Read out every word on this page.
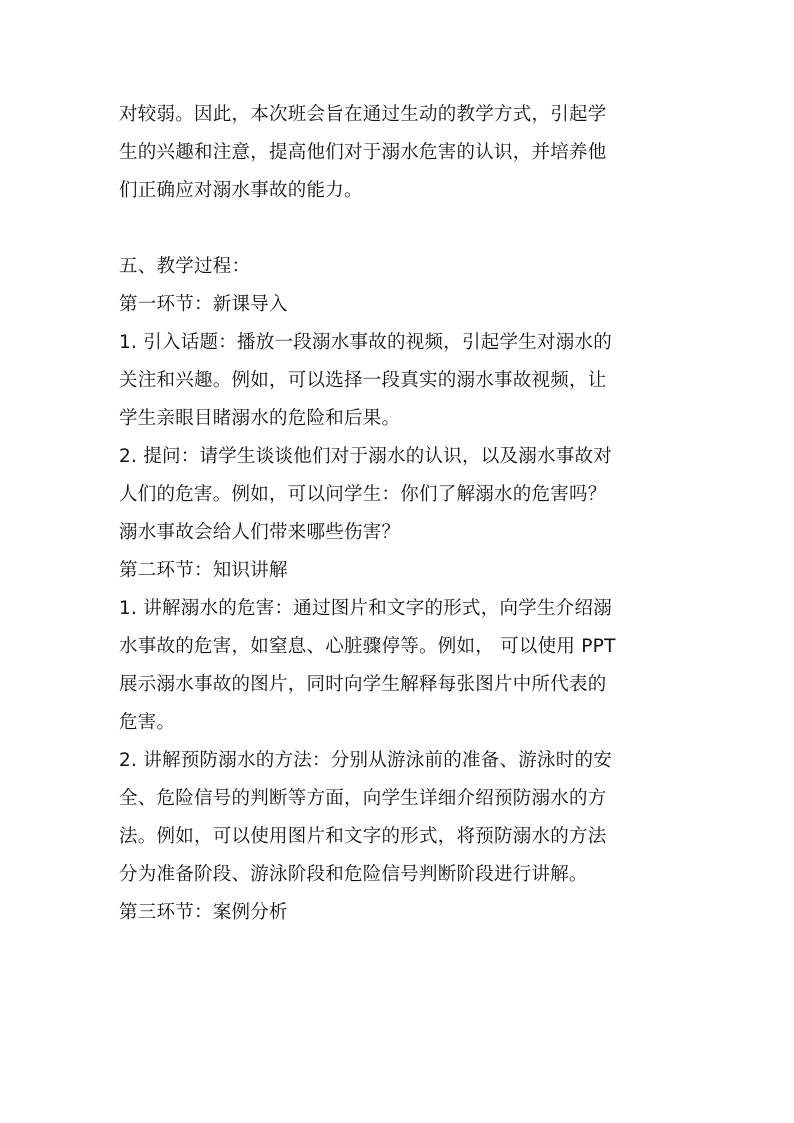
对较弱。因此，本次班会旨在通过生动的教学方式，引起学
生的兴趣和注意，提高他们对于溺水危害的认识，并培养他
们正确应对溺水事故的能力。
五、教学过程：
第一环节：新课导入
1. 引入话题：播放一段溺水事故的视频，引起学生对溺水的
关注和兴趣。例如，可以选择一段真实的溺水事故视频，让
学生亲眼目睹溺水的危险和后果。
2. 提问：请学生谈谈他们对于溺水的认识，以及溺水事故对
人们的危害。例如，可以问学生：你们了解溺水的危害吗？
溺水事故会给人们带来哪些伤害？
第二环节：知识讲解
1. 讲解溺水的危害：通过图片和文字的形式，向学生介绍溺
水事故的危害，如窒息、心脏骤停等。例如， 可以使用 PPT
展示溺水事故的图片，同时向学生解释每张图片中所代表的
危害。
2. 讲解预防溺水的方法：分别从游泳前的准备、游泳时的安
全、危险信号的判断等方面，向学生详细介绍预防溺水的方
法。例如，可以使用图片和文字的形式，将预防溺水的方法
分为准备阶段、游泳阶段和危险信号判断阶段进行讲解。
第三环节：案例分析
